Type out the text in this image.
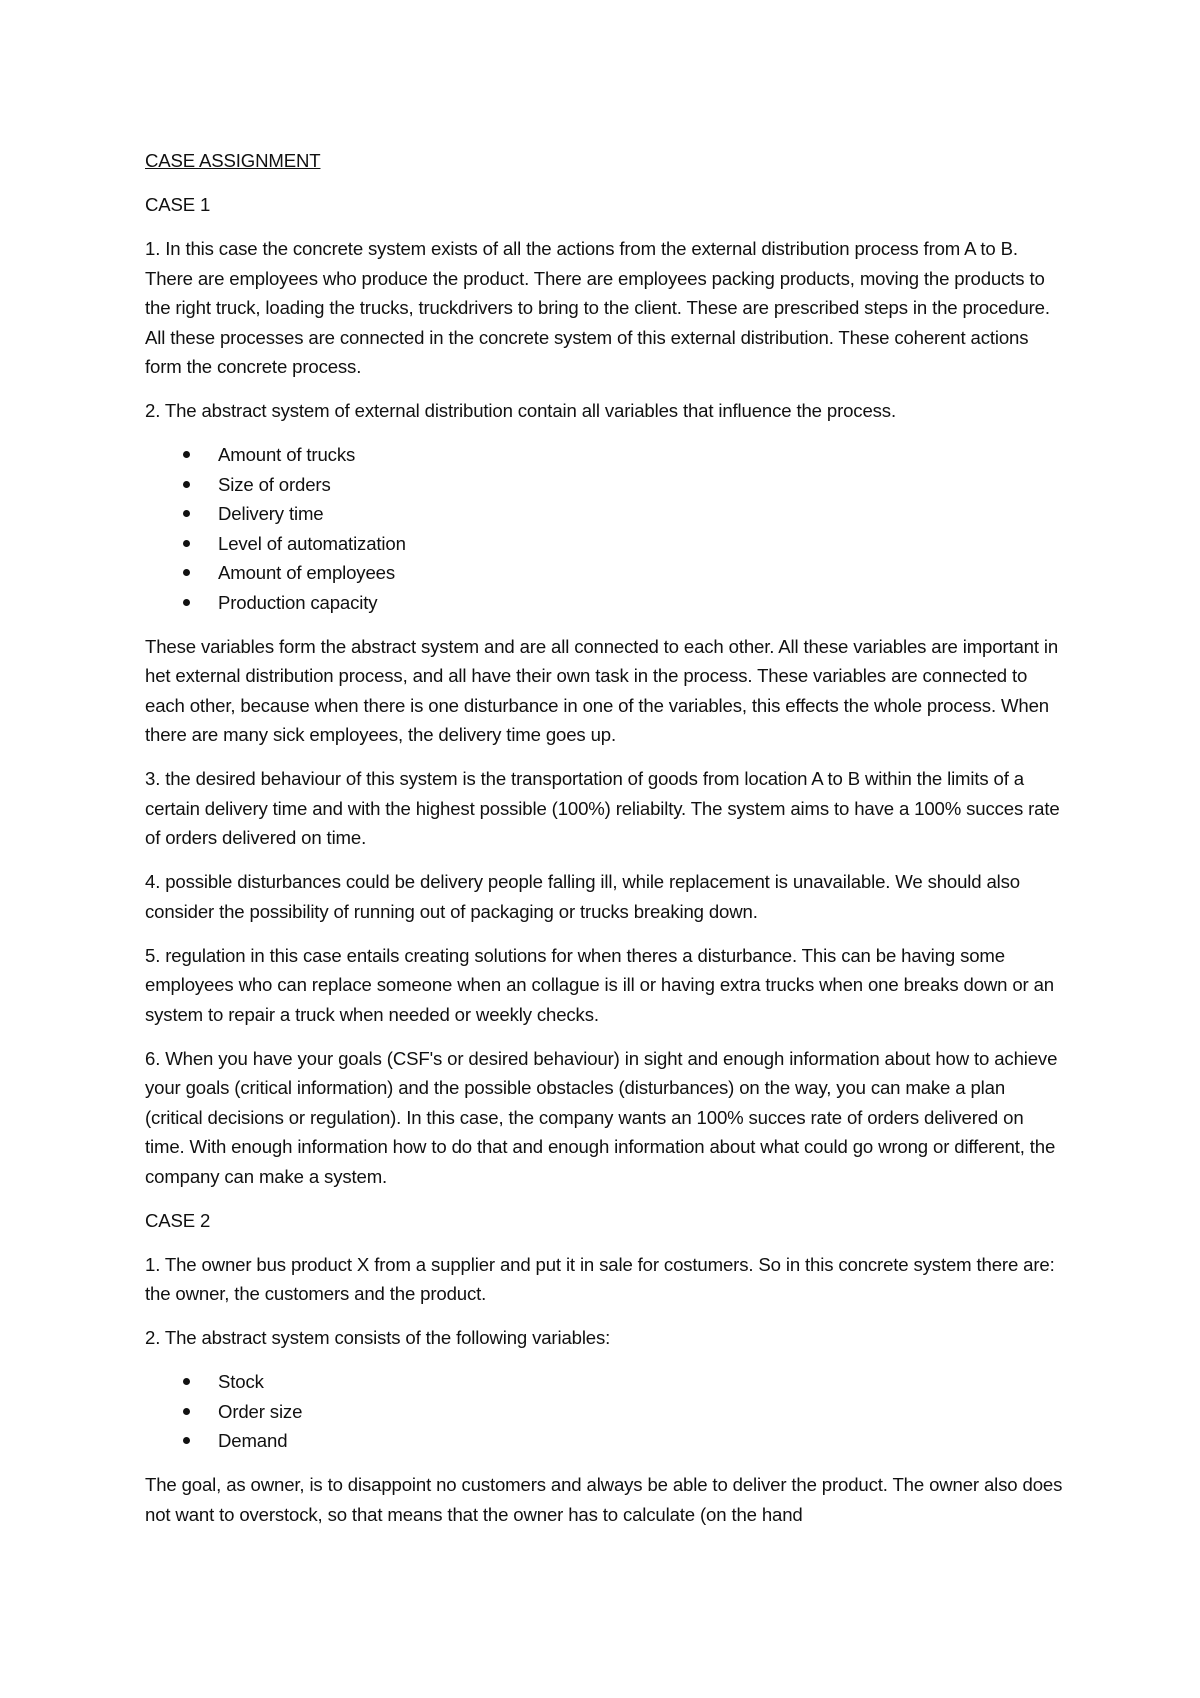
CASE ASSIGNMENT

CASE 1

1. In this case the concrete system exists of all the actions from the external distribution process from A to B. There are employees who produce the product. There are employees packing products, moving the products to the right truck, loading the trucks, truckdrivers to bring to the client. These are prescribed steps in the procedure. All these processes are connected in the concrete system of this external distribution. These coherent actions form the concrete process.

2. The abstract system of external distribution contain all variables that influence the process.

Amount of trucks
Size of orders
Delivery time
Level of automatization
Amount of employees
Production capacity

These variables form the abstract system and are all connected to each other. All these variables are important in het external distribution process, and all have their own task in the process. These variables are connected to each other, because when there is one disturbance in one of the variables, this effects the whole process. When there are many sick employees, the delivery time goes up.

3. the desired behaviour of this system is the transportation of goods from location A to B within the limits of a certain delivery time and with the highest possible (100%) reliabilty. The system aims to have a 100% succes rate of orders delivered on time.

4. possible disturbances could be delivery people falling ill, while replacement is unavailable. We should also consider the possibility of running out of packaging or trucks breaking down.

5. regulation in this case entails creating solutions for when theres a disturbance. This can be having some employees who can replace someone when an collague is ill or having extra trucks when one breaks down or an system to repair a truck when needed or weekly checks.

6. When you have your goals (CSF's or desired behaviour) in sight and enough information about how to achieve your goals (critical information) and the possible obstacles (disturbances) on the way, you can make a plan (critical decisions or regulation). In this case, the company wants an 100% succes rate of orders delivered on time. With enough information how to do that and enough information about what could go wrong or different, the company can make a system.

CASE 2

1. The owner bus product X from a supplier and put it in sale for costumers. So in this concrete system there are: the owner, the customers and the product.

2. The abstract system consists of the following variables:

Stock
Order size
Demand

The goal, as owner, is to disappoint no customers and always be able to deliver the product. The owner also does not want to overstock, so that means that the owner has to calculate (on the hand
